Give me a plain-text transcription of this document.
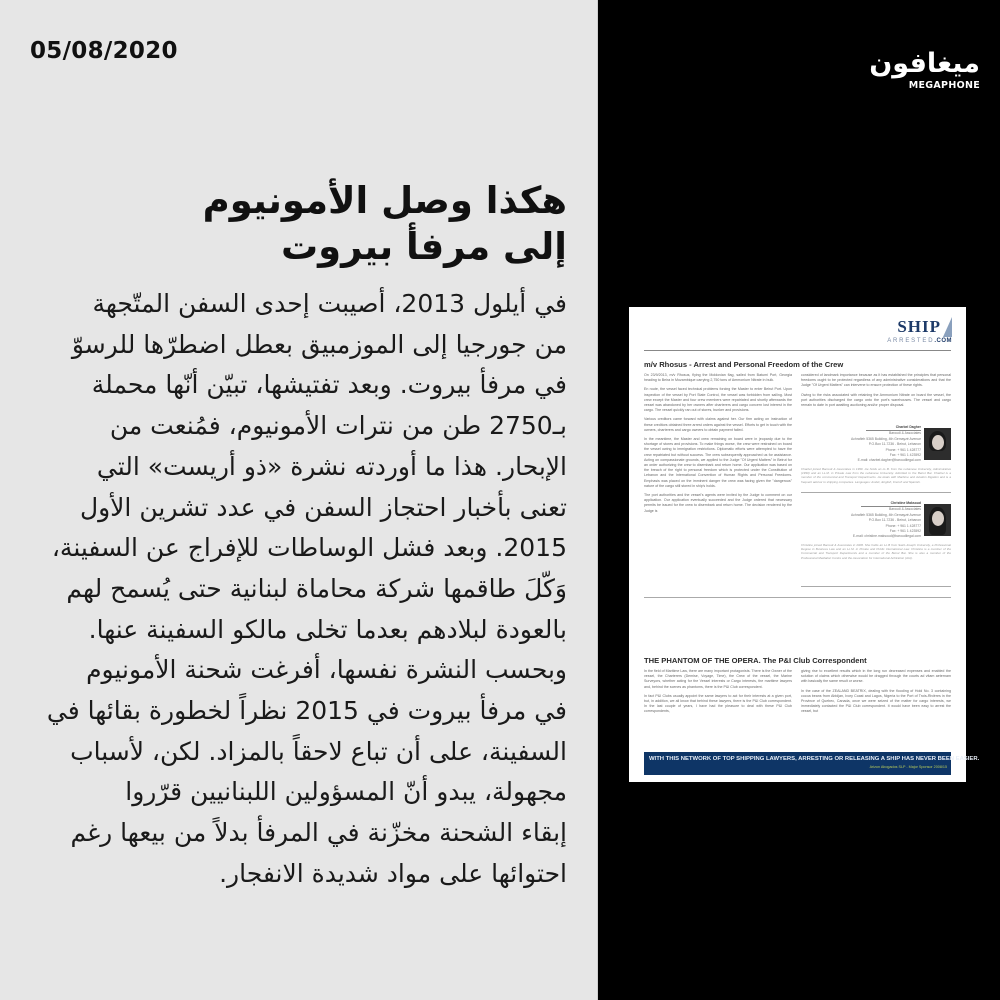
05/08/2020
هكذا وصل الأمونيوم
إلى مرفأ بيروت
في أيلول 2013، أصيبت إحدى السفن المتّجهة
من جورجيا إلى الموزمبيق بعطل اضطرّها للرسوّ
في مرفأ بيروت. وبعد تفتيشها، تبيّن أنّها محملة
بـ2750 طن من نترات الأمونيوم، فمُنعت من
الإبحار. هذا ما أوردته نشرة «ذو أريست» التي
تعنى بأخبار احتجاز السفن في عدد تشرين الأول
2015. وبعد فشل الوساطات للإفراج عن السفينة،
وَكّلَ طاقمها شركة محاماة لبنانية حتى يُسمح لهم
بالعودة لبلادهم بعدما تخلى مالكو السفينة عنها.
وبحسب النشرة نفسها، أفرغت شحنة الأمونيوم
في مرفأ بيروت في 2015 نظراً لخطورة بقائها في
السفينة، على أن تباع لاحقاً بالمزاد. لكن، لأسباب
مجهولة، يبدو أنّ المسؤولين اللبنانيين قرّروا
إبقاء الشحنة مخزّنة في المرفأ بدلاً من بيعها رغم
احتوائها على مواد شديدة الانفجار.
ميغافون
MEGAPHONE
SHIP
ARRESTED.COM
m/v Rhosus - Arrest and Personal Freedom of the Crew

On 23/9/2013, m/v Rhosus, flying the Moldovian flag, sailed from Batumi Port, Georgia heading to Beira in Mozambique carrying 2,750 tons of Ammonium Nitrate in bulk.

En route, the vessel faced technical problems forcing the Master to enter Beirut Port. Upon inspection of the vessel by Port State Control, the vessel was forbidden from sailing. Most crew except the Master and four crew members were repatriated and shortly afterwards the vessel was abandoned by her owners after charterers and cargo concern lost interest in the cargo. The vessel quickly ran out of stores, bunker and provisions.

Various creditors came forward with claims against her. Our firm acting on instruction of these creditors obtained three arrest orders against the vessel. Efforts to get in touch with the owners, charterers and cargo owners to obtain payment failed.

In the meantime, the Master and crew remaining on board were in jeopardy due to the shortage of stores and provisions. To make things worse, the crew were restrained on board the vessel owing to immigration restrictions. Diplomatic efforts were attempted to have the crew repatriated but without success. The crew subsequently approached us for assistance. Acting on compassionate grounds, we applied to the Judge "Of Urgent Matters" in Beirut for an order authorizing the crew to disembark and return home. Our application was based on the breach of the right to personal freedom which is protected under the Constitution of Lebanon and the International Convention of Human Rights and Personal Freedoms. Emphasis was placed on the imminent danger the crew was facing given the "dangerous" nature of the cargo still stored in ship's holds.

The port authorities and the vessel's agents were invited by the Judge to comment on our application. Our application eventually succeeded and the Judge ordered that necessary permits be issued for the crew to disembark and return home. The decision rendered by the Judge is

considered of landmark importance because as it has established the principles that personal freedoms ought to be protected regardless of any administrative considerations and that the Judge "Of Urgent Matters" can intervene to ensure protection of these rights.

Owing to the risks associated with retaining the Ammonium Nitrate on board the vessel, the port authorities discharged the cargo onto the port's warehouses. The vessel and cargo remain to date in port awaiting auctioning and/or proper disposal.

Charbel Dagher
Baroudi & Associates
Achrafieh 5365 Building, 4th Gemayzé Avenue
P.O.Box 11-7236 - Beirut, Lebanon
Phone: + 961 1 428777
Fax: + 961 1 423592
E-mail: charbel.dagher@baroudilegal.com
Charbel joined Baroudi & Associates in 1999. He holds an LL.B. from the Lebanese University, Adminstrative (1999) and an LL.M. in Private Law from the Lebanese University. Admitted to the Beirut Bar. Charbel is a member of the commercial and Transport Departments. He deals with Maritime and Aviation litigation and is a frequent advisor to shipping companies. Languages: Arabic, English, French and Spanish.
Christine Maksoud
Baroudi & Associates
Achrafieh 5365 Building, 4th Gemayzé Avenue
P.O.Box 11-7236 - Beirut, Lebanon
Phone: + 961 1 428777
Fax: + 961 1 423592
E-mail: christine.maksoud@baroudilegal.com
Christine joined Baroudi & Associates in 2006. She holds an LL.B from Saint-Joseph University, a Professional Degree in Business Law and an LL.M. in Private and Public International Law. Christine is a member of the Commercial and Transport Departments and a member of the Beirut Bar. She is also a member of the Professional Mediation Centre and the Association for International Arbitration (AIA).
THE PHANTOM OF THE OPERA. The P&I Club Correspondent

In the field of Maritime Law, there are many important protagonists. There is the Owner of the vessel, the Charterers (Demise, Voyage, Time), the Crew of the vessel, the Marine Surveyors, whether acting for the Vessel interests or Cargo interests, the maritime lawyers and, behind the scenes as phantoms, there is the P&I Club correspondent.

In fact P&I Clubs usually appoint the same lawyers to act for their interests at a given port, but, in addition, we all know that behind these lawyers, there is the P&I Club correspondent. In the last couple of years, I have had the pleasure to deal with these P&I Club correspondents,

giving rise to excellent results which in the long run decreased expenses and enabled the solution of claims which otherwise would be dragged through the courts ad vitam aeternam with basically the same result or worse.

In the case of the ZEALAND BEATRIX, dealing with the flooding of Hold No. 3 containing cocoa beans from Abidjan, Ivory Coast and Lagos, Nigeria to the Port of Trois-Rivières in the Province of Quebec, Canada, once we were seized of the matter for cargo interests, we immediately contacted the P&I Club correspondent. It would have been easy to arrest the vessel, but

WITH THIS NETWORK OF TOP SHIPPING LAWYERS, ARRESTING OR RELEASING A SHIP HAS NEVER BEEN EASIER.
Arizon Abogados SLP - Major Sponsor 2008/15
